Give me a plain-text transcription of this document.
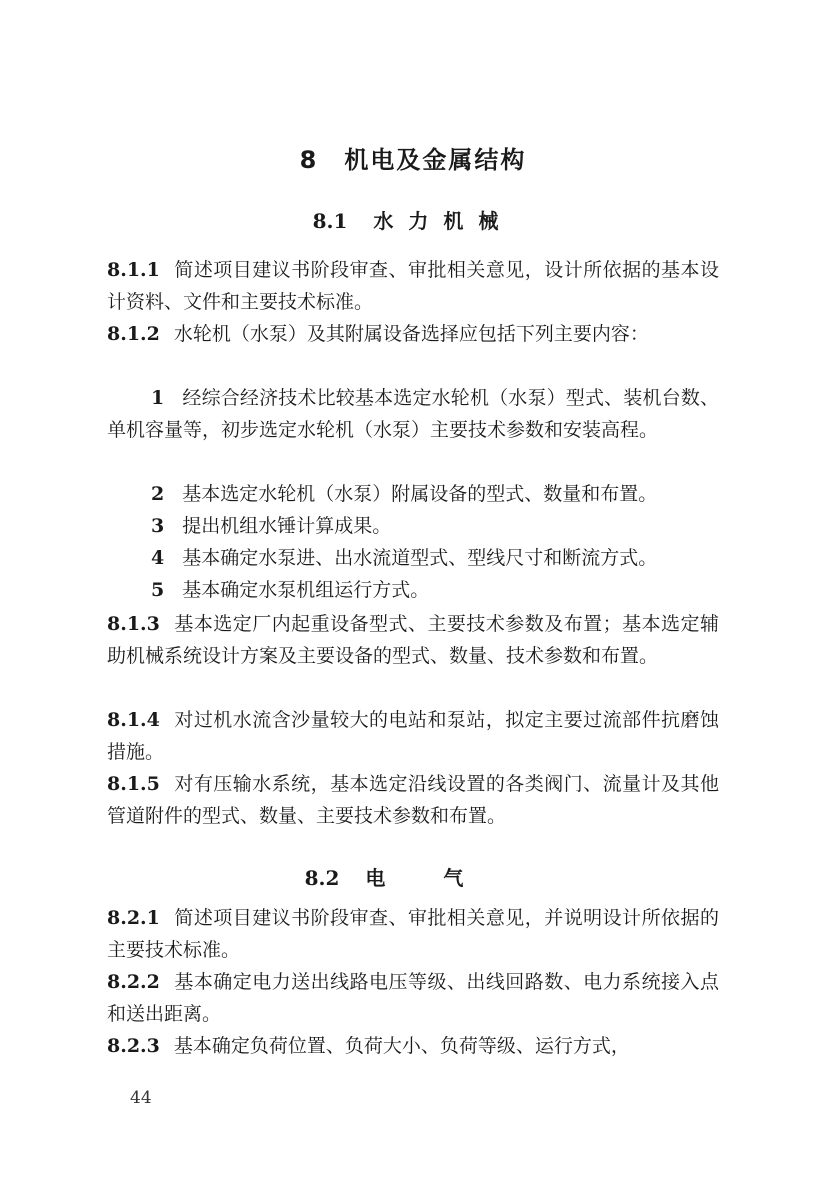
8 机电及金属结构
8.1 水力机械

8.1.1 简述项目建议书阶段审查、审批相关意见，设计所依据的基本设计资料、文件和主要技术标准。

8.1.2 水轮机（水泵）及其附属设备选择应包括下列主要内容：

1 经综合经济技术比较基本选定水轮机（水泵）型式、装机台数、单机容量等，初步选定水轮机（水泵）主要技术参数和安装高程。

2 基本选定水轮机（水泵）附属设备的型式、数量和布置。

3 提出机组水锤计算成果。

4 基本确定水泵进、出水流道型式、型线尺寸和断流方式。

5 基本确定水泵机组运行方式。

8.1.3 基本选定厂内起重设备型式、主要技术参数及布置；基本选定辅助机械系统设计方案及主要设备的型式、数量、技术参数和布置。

8.1.4 对过机水流含沙量较大的电站和泵站，拟定主要过流部件抗磨蚀措施。

8.1.5 对有压输水系统，基本选定沿线设置的各类阀门、流量计及其他管道附件的型式、数量、主要技术参数和布置。

8.2 电气

8.2.1 简述项目建议书阶段审查、审批相关意见，并说明设计所依据的主要技术标准。

8.2.2 基本确定电力送出线路电压等级、出线回路数、电力系统接入点和送出距离。

8.2.3 基本确定负荷位置、负荷大小、负荷等级、运行方式，

44
